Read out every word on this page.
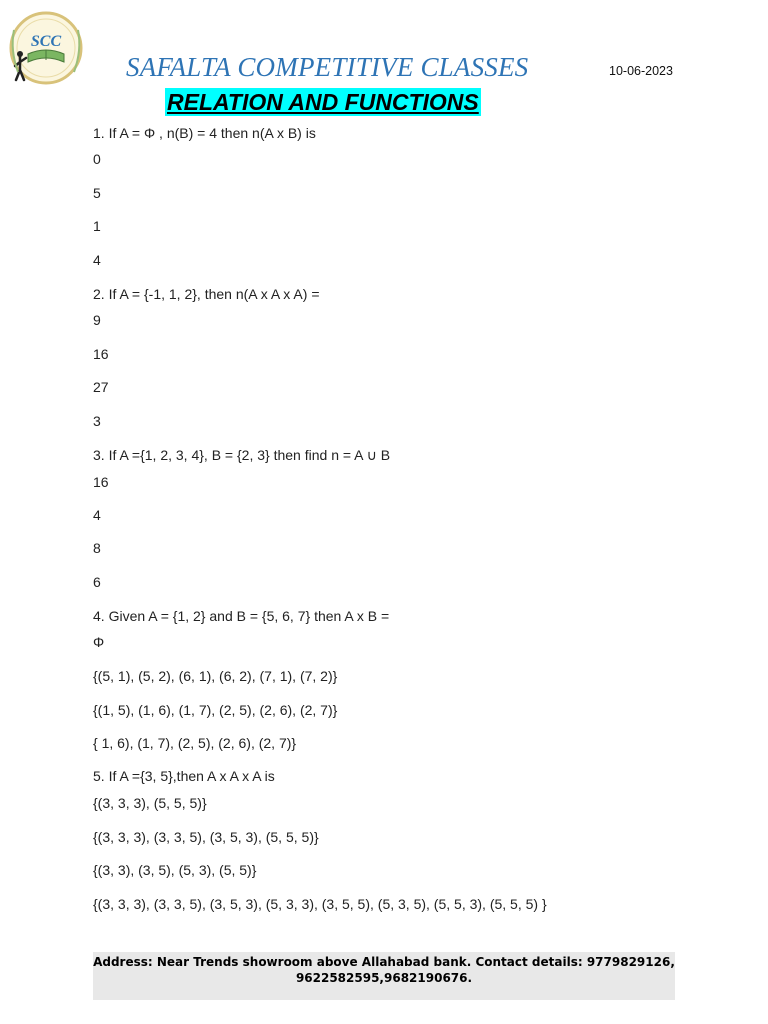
SCC
SAFALTA COMPETITIVE CLASSES	10-06-2023
RELATION AND FUNCTIONS
1. If A = Φ , n(B) = 4 then n(A x B) is
0
5
1
4
2. If A = {-1, 1, 2}, then n(A x A x A) =
9
16
27
3
3. If A ={1, 2, 3, 4}, B = {2, 3} then find n = A ∪ B
16
4
8
6
4. Given A = {1, 2} and B = {5, 6, 7} then A x B =
Φ
{(5, 1), (5, 2), (6, 1), (6, 2), (7, 1), (7, 2)}
{(1, 5), (1, 6), (1, 7), (2, 5), (2, 6), (2, 7)}
{ 1, 6), (1, 7), (2, 5), (2, 6), (2, 7)}
5. If A ={3, 5},then A x A x A is
{(3, 3, 3), (5, 5, 5)}
{(3, 3, 3), (3, 3, 5), (3, 5, 3), (5, 5, 5)}
{(3, 3), (3, 5), (5, 3), (5, 5)}
{(3, 3, 3), (3, 3, 5), (3, 5, 3), (5, 3, 3), (3, 5, 5), (5, 3, 5), (5, 5, 3), (5, 5, 5) }
Address: Near Trends showroom above Allahabad bank. Contact details: 9779829126,
9622582595,9682190676.
